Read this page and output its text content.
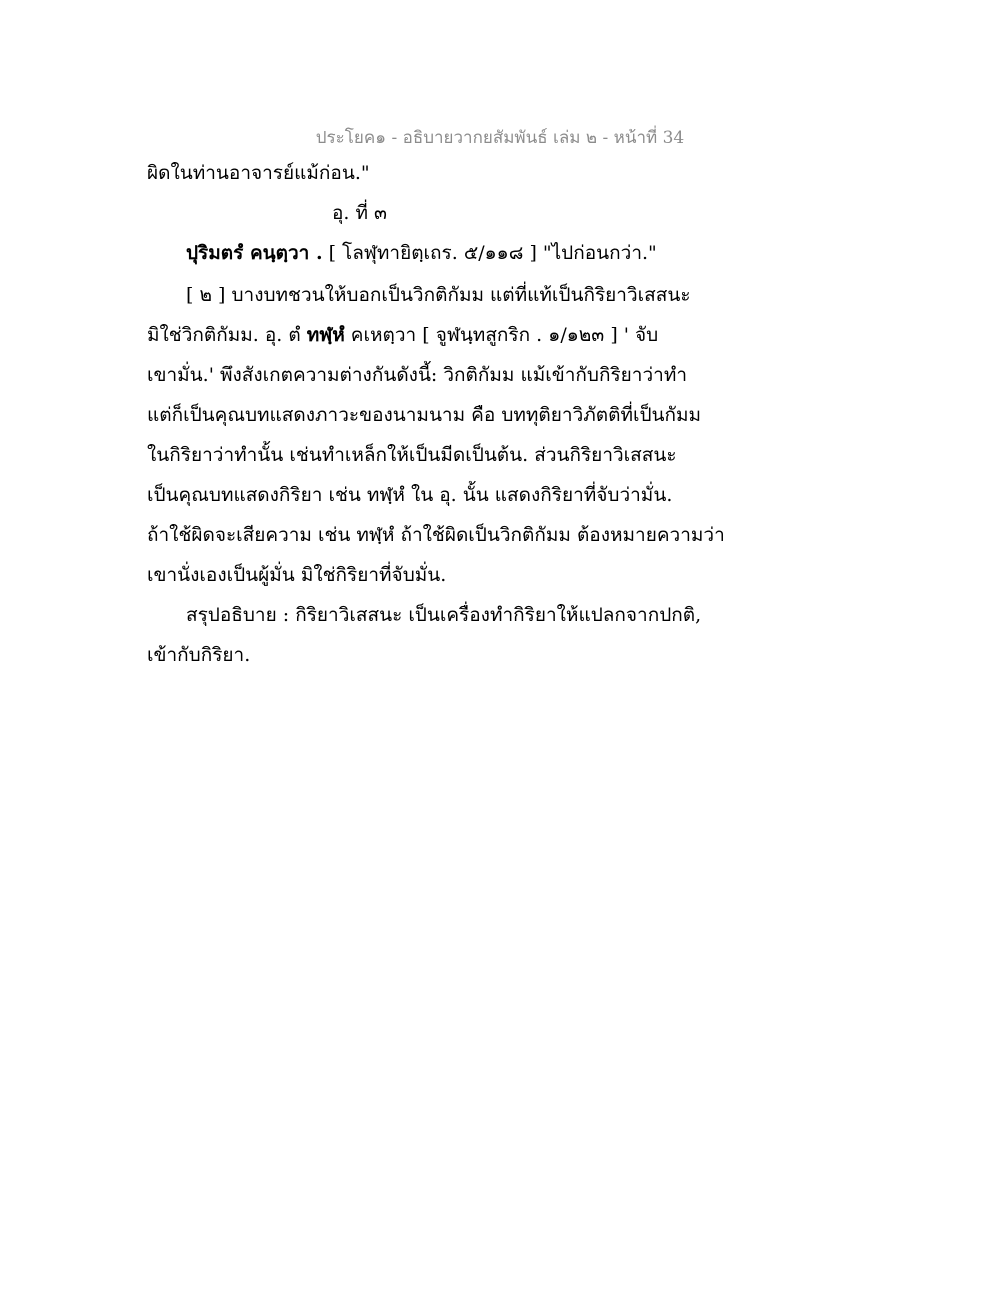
ประโยค๑ - อธิบายวากยสัมพันธ์ เล่ม ๒ - หน้าที่ 34
ผิดในท่านอาจารย์แม้ก่อน."
อุ. ที่ ๓
ปุริมตรํ คนฺตฺวา . [ โลฬุทายิตฺเถร. ๕/๑๑๘ ] "ไปก่อนกว่า."
[ ๒ ] บางบทชวนให้บอกเป็นวิกติกัมม แต่ที่แท้เป็นกิริยาวิเสสนะ
มิใช่วิกติกัมม. อุ. ตํ ทฬฺหํ คเหตฺวา [ จูฬนฺทสูกริก . ๑/๑๒๓ ] ' จับ
เขามั่น.' พึงสังเกตความต่างกันดังนี้: วิกติกัมม แม้เข้ากับกิริยาว่าทำ
แต่ก็เป็นคุณบทแสดงภาวะของนามนาม คือ บททุติยาวิภัตติที่เป็นกัมม
ในกิริยาว่าทำนั้น เช่นทำเหล็กให้เป็นมีดเป็นต้น. ส่วนกิริยาวิเสสนะ
เป็นคุณบทแสดงกิริยา เช่น ทฬฺหํ ใน อุ. นั้น แสดงกิริยาที่จับว่ามั่น.
ถ้าใช้ผิดจะเสียความ เช่น ทฬฺหํ ถ้าใช้ผิดเป็นวิกติกัมม ต้องหมายความว่า
เขานั่งเองเป็นผู้มั่น มิใช่กิริยาที่จับมั่น.
สรุปอธิบาย : กิริยาวิเสสนะ เป็นเครื่องทำกิริยาให้แปลกจากปกติ,
เข้ากับกิริยา.
